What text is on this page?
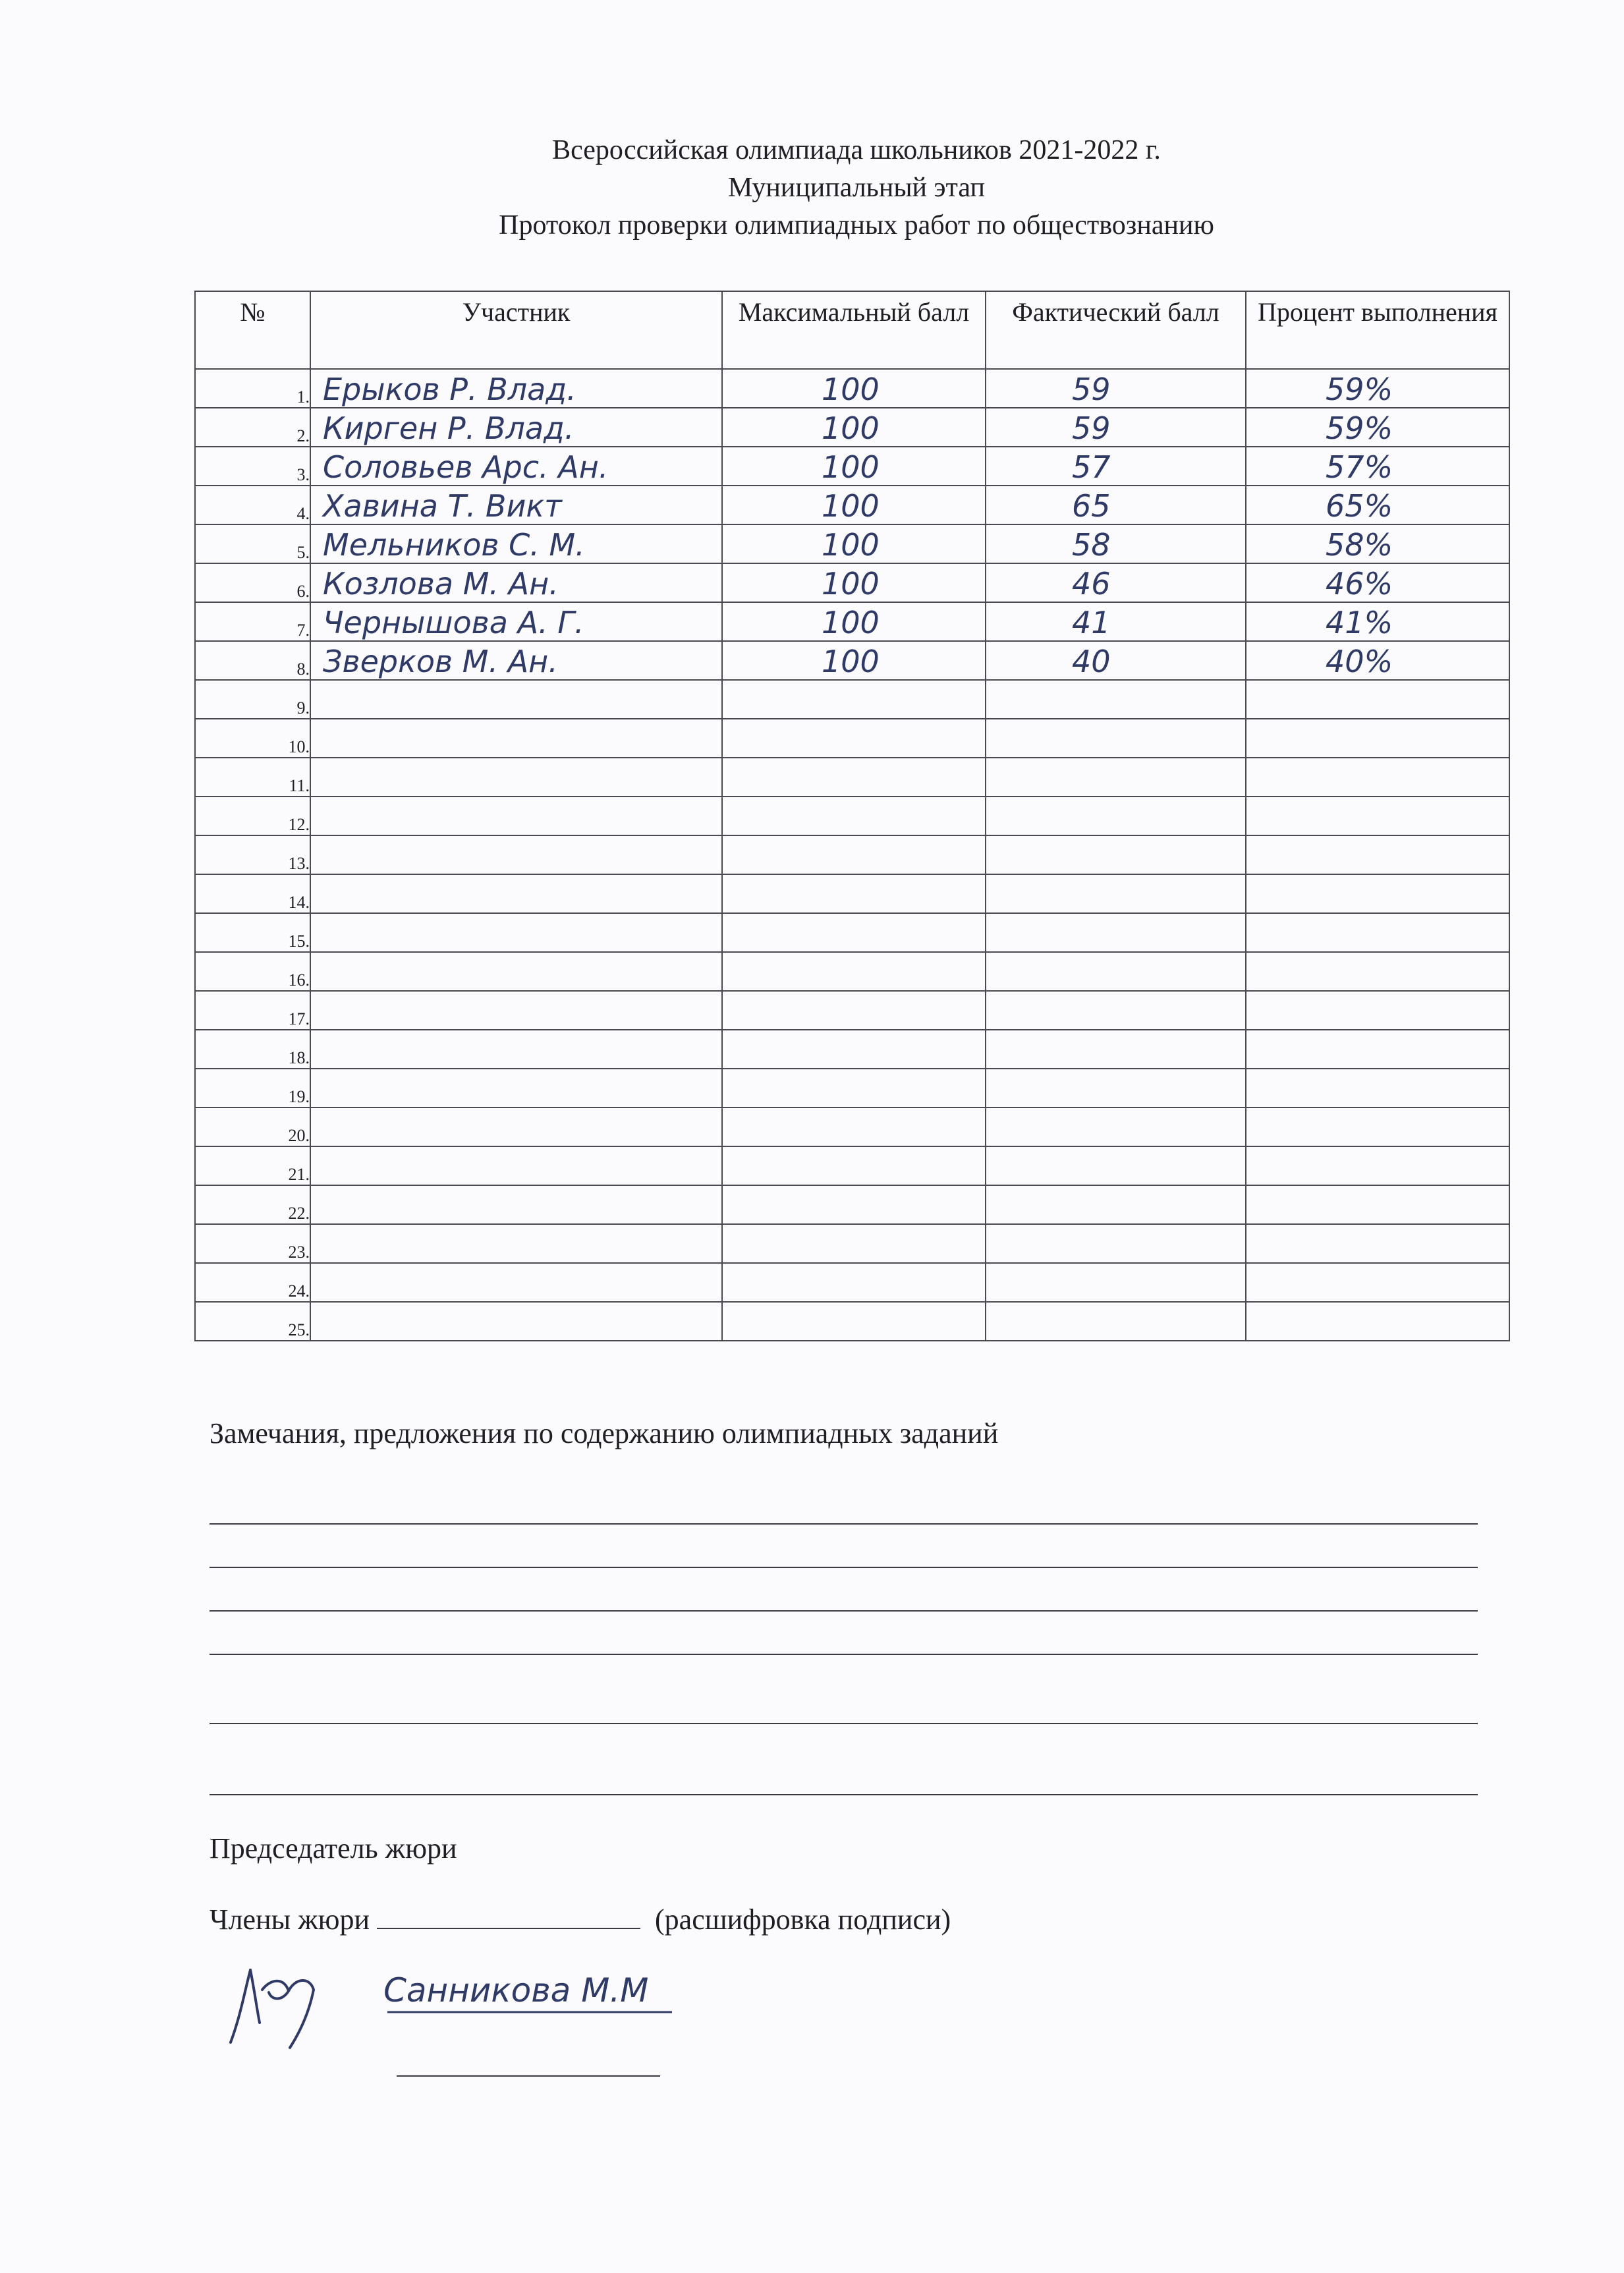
Всероссийская олимпиада школьников 2021-2022 г.
Муниципальный этап
Протокол проверки олимпиадных работ по обществознанию
№	Участник	Максимальный балл	Фактический балл	Процент выполнения
1.	Ерыков Р. Влад.	100	59	59%

2.	Кирген Р. Влад.	100	59	59%

3.	Соловьев Арс. Ан.	100	57	57%

4.	Хавина Т. Викт	100	65	65%

5.	Мельников С. М.	100	58	58%

6.	Козлова М. Ан.	100	46	46%

7.	Чернышова А. Г.	100	41	41%

8.	Зверков М. Ан.	100	40	40%

9.				
10.				
11.				
12.				
13.				
14.				
15.				
16.				
17.				
18.				
19.				
20.				
21.				
22.				
23.				
24.				
25.				
Замечания, предложения по содержанию олимпиадных заданий
Председатель жюри
Члены жюри	(расшифровка подписи)
Санникова М.М
